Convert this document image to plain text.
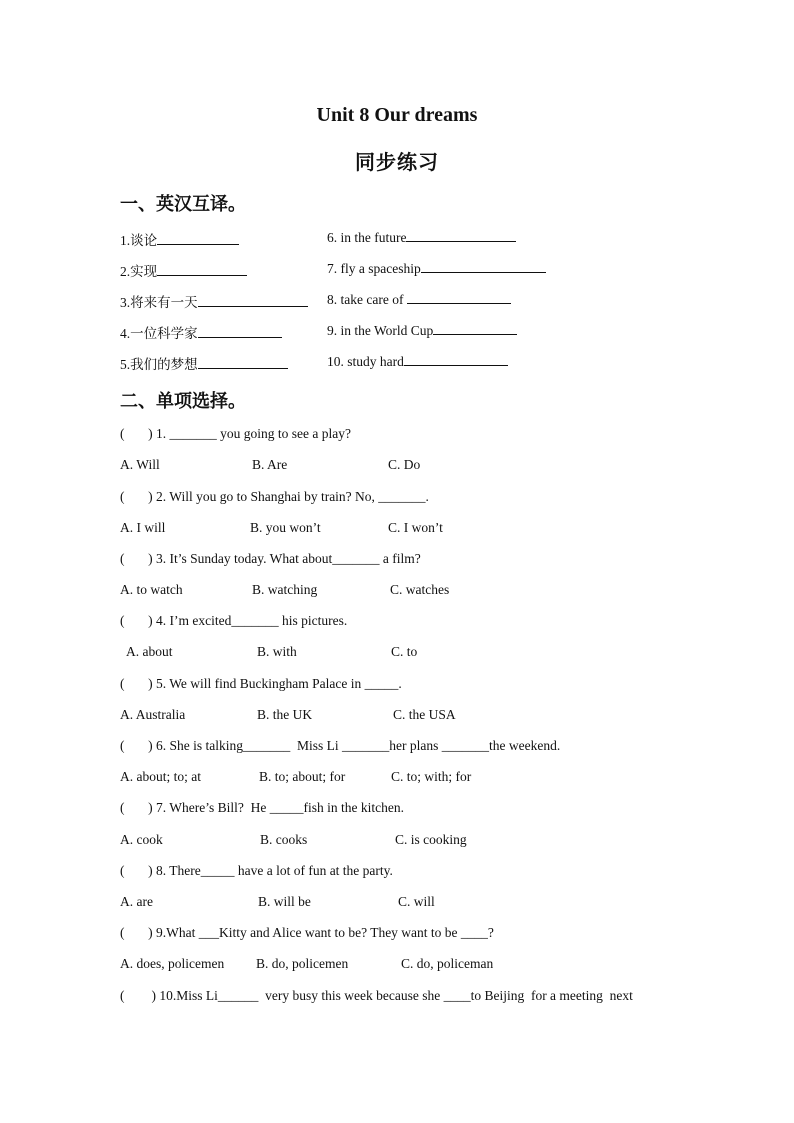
Unit 8 Our dreams
同步练习
一、英汉互译。
1.谈论
2.实现
3.将来有一天
4.一位科学家
5.我们的梦想
6. in the future
7. fly a spaceship
8. take care of
9. in the World Cup
10. study hard
二、单项选择。
(       ) 1. _______ you going to see a play?
A. Will	B. Are	C. Do
(       ) 2. Will you go to Shanghai by train? No, _______.
A. I will	B. you won’t	C. I won’t
(       ) 3. It’s Sunday today. What about_______ a film?
A. to watch	B. watching	C. watches
(       ) 4. I’m excited_______ his pictures.
A. about	B. with	C. to
(       ) 5. We will find Buckingham Palace in _____.
A. Australia	B. the UK	C. the USA
(       ) 6. She is talking_______  Miss Li _______her plans _______the weekend.
A. about; to; at	B. to; about; for	C. to; with; for
(       ) 7. Where’s Bill?  He _____fish in the kitchen.
A. cook	B. cooks	C. is cooking
(       ) 8. There_____ have a lot of fun at the party.
A. are	B. will be	C. will
(       ) 9.What ___Kitty and Alice want to be? They want to be ____?
A. does, policemen B. do, policemen	C. do, policeman
(        ) 10.Miss Li______  very busy this week because she ____to Beijing  for a meeting  next
